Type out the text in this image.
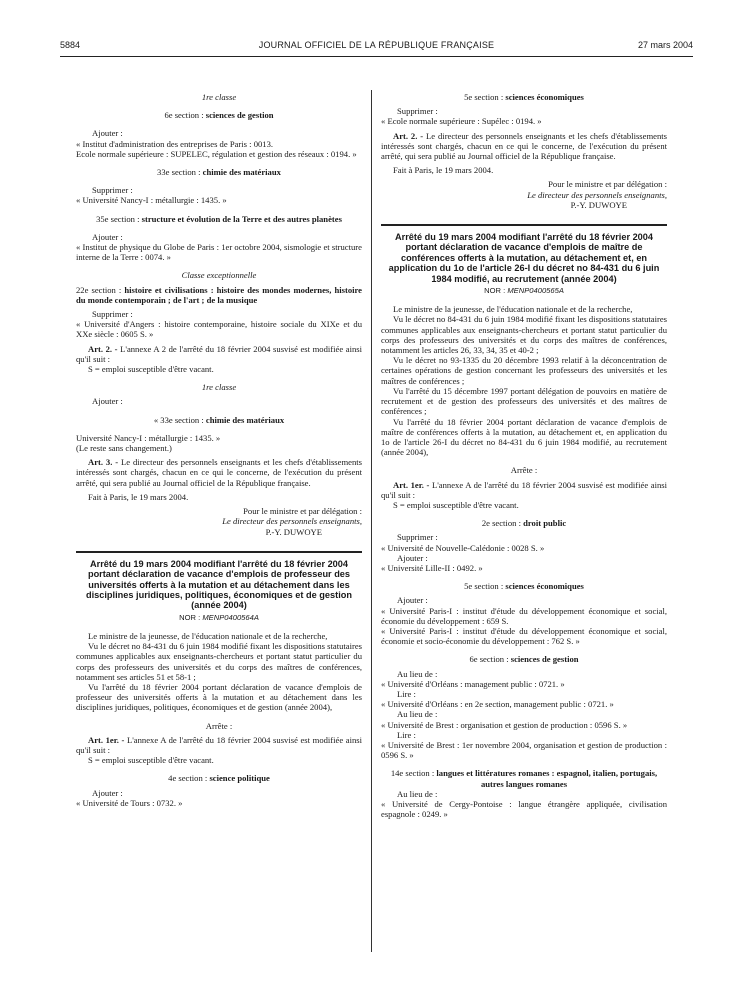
5884	JOURNAL OFFICIEL DE LA RÉPUBLIQUE FRANÇAISE	27 mars 2004

1re classe

6e section : sciences de gestion

Ajouter :

« Institut d'administration des entreprises de Paris : 0013.

Ecole normale supérieure : SUPELEC, régulation et gestion des réseaux : 0194. »

33e section : chimie des matériaux

Supprimer :

« Université Nancy-I : métallurgie : 1435. »

35e section : structure et évolution de la Terre et des autres planètes

Ajouter :

« Institut de physique du Globe de Paris : 1er octobre 2004, sismologie et structure interne de la Terre : 0074. »

Classe exceptionnelle

22e section : histoire et civilisations : histoire des mondes modernes, histoire du monde contemporain ; de l'art ; de la musique

Supprimer :

« Université d'Angers : histoire contemporaine, histoire sociale du XIXe et du XXe siècle : 0605 S. »

Art. 2. - L'annexe A 2 de l'arrêté du 18 février 2004 susvisé est modifiée ainsi qu'il suit :

S = emploi susceptible d'être vacant.

1re classe

Ajouter :

« 33e section : chimie des matériaux

Université Nancy-I : métallurgie : 1435. »

(Le reste sans changement.)

Art. 3. - Le directeur des personnels enseignants et les chefs d'établissements intéressés sont chargés, chacun en ce qui le concerne, de l'exécution du présent arrêté, qui sera publié au Journal officiel de la République française.

Fait à Paris, le 19 mars 2004.

Pour le ministre et par délégation :

Le directeur des personnels enseignants,

P.-Y. DUWOYE

Arrêté du 19 mars 2004 modifiant l'arrêté du 18 février 2004 portant déclaration de vacance d'emplois de professeur des universités offerts à la mutation et au détachement dans les disciplines juridiques, politiques, économiques et de gestion (année 2004)

NOR : MENP0400564A

Le ministre de la jeunesse, de l'éducation nationale et de la recherche,

Vu le décret no 84-431 du 6 juin 1984 modifié fixant les dispositions statutaires communes applicables aux enseignants-chercheurs et portant statut particulier du corps des professeurs des universités et du corps des maîtres de conférences, notamment ses articles 51 et 58-1 ;

Vu l'arrêté du 18 février 2004 portant déclaration de vacance d'emplois de professeur des universités offerts à la mutation et au détachement dans les disciplines juridiques, politiques, économiques et de gestion (année 2004),

Arrête :

Art. 1er. - L'annexe A de l'arrêté du 18 février 2004 susvisé est modifiée ainsi qu'il suit :

S = emploi susceptible d'être vacant.

4e section : science politique

Ajouter :

« Université de Tours : 0732. »

5e section : sciences économiques

Supprimer :

« Ecole normale supérieure : Supélec : 0194. »

Art. 2. - Le directeur des personnels enseignants et les chefs d'établissements intéressés sont chargés, chacun en ce qui le concerne, de l'exécution du présent arrêté, qui sera publié au Journal officiel de la République française.

Fait à Paris, le 19 mars 2004.

Pour le ministre et par délégation :

Le directeur des personnels enseignants,

P.-Y. DUWOYE

Arrêté du 19 mars 2004 modifiant l'arrêté du 18 février 2004 portant déclaration de vacance d'emplois de maître de conférences offerts à la mutation, au détachement et, en application du 1o de l'article 26-I du décret no 84-431 du 6 juin 1984 modifié, au recrutement (année 2004)

NOR : MENP0400565A

Le ministre de la jeunesse, de l'éducation nationale et de la recherche,

Vu le décret no 84-431 du 6 juin 1984 modifié fixant les dispositions statutaires communes applicables aux enseignants-chercheurs et portant statut particulier du corps des professeurs des universités et du corps des maîtres de conférences, notamment les articles 26, 33, 34, 35 et 40-2 ;

Vu le décret no 93-1335 du 20 décembre 1993 relatif à la déconcentration de certaines opérations de gestion concernant les professeurs des universités et les maîtres de conférences ;

Vu l'arrêté du 15 décembre 1997 portant délégation de pouvoirs en matière de recrutement et de gestion des professeurs des universités et des maîtres de conférences ;

Vu l'arrêté du 18 février 2004 portant déclaration de vacance d'emplois de maître de conférences offerts à la mutation, au détachement et, en application du 1o de l'article 26-I du décret no 84-431 du 6 juin 1984 modifié, au recrutement (année 2004),

Arrête :

Art. 1er. - L'annexe A de l'arrêté du 18 février 2004 susvisé est modifiée ainsi qu'il suit :

S = emploi susceptible d'être vacant.

2e section : droit public

Supprimer :

« Université de Nouvelle-Calédonie : 0028 S. »

Ajouter :

« Université Lille-II : 0492. »

5e section : sciences économiques

Ajouter :

« Université Paris-I : institut d'étude du développement économique et social, économie du développement : 659 S.

« Université Paris-I : institut d'étude du développement économique et social, économie et socio-économie du développement : 762 S. »

6e section : sciences de gestion

Au lieu de :

« Université d'Orléans : management public : 0721. »

Lire :

« Université d'Orléans : en 2e section, management public : 0721. »

Au lieu de :

« Université de Brest : organisation et gestion de production : 0596 S. »

Lire :

« Université de Brest : 1er novembre 2004, organisation et gestion de production : 0596 S. »

14e section : langues et littératures romanes : espagnol, italien, portugais, autres langues romanes

Au lieu de :

« Université de Cergy-Pontoise : langue étrangère appliquée, civilisation espagnole : 0249. »
